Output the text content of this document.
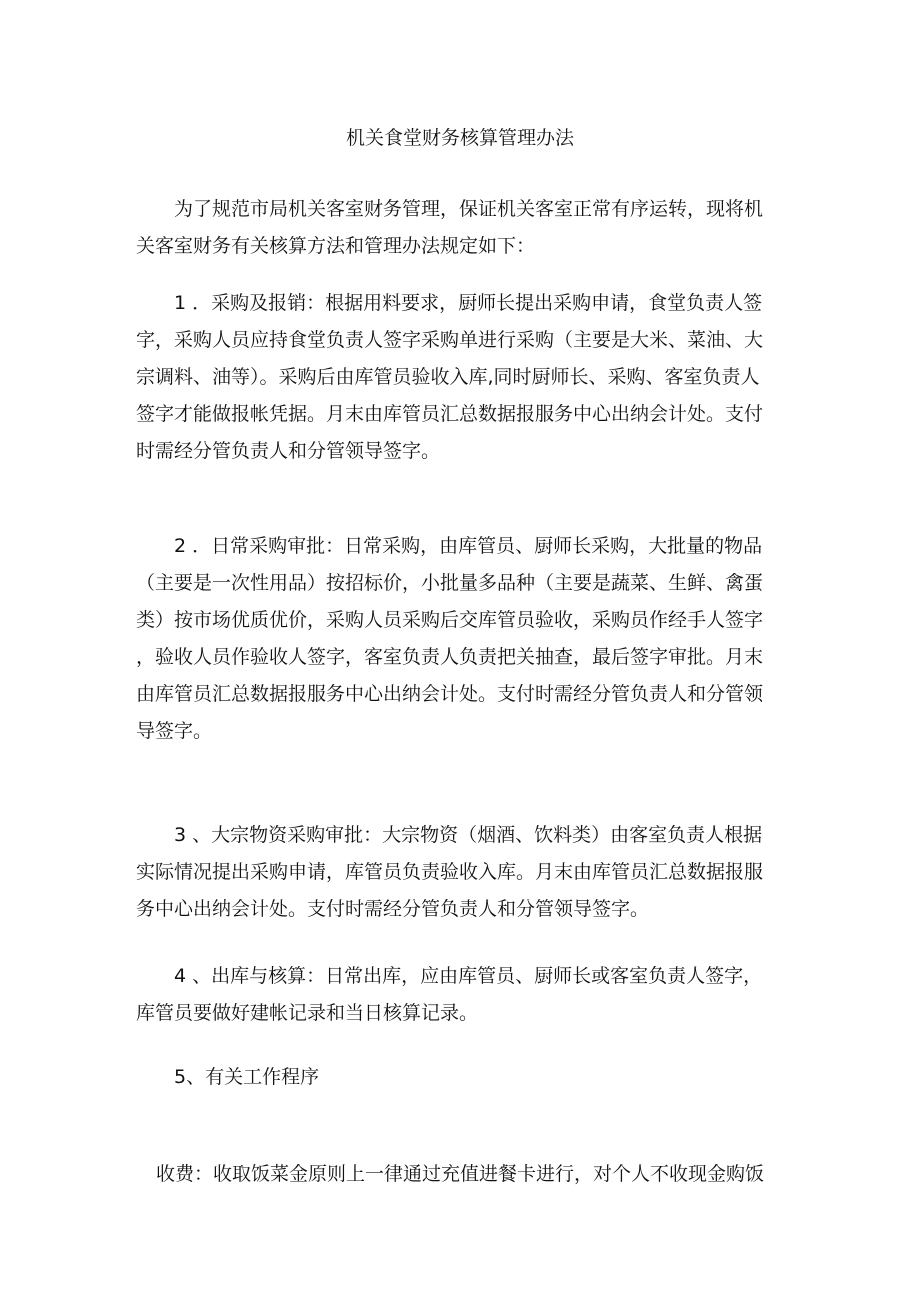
机关食堂财务核算管理办法
为了规范市局机关客室财务管理，保证机关客室正常有序运转，现将机
关客室财务有关核算方法和管理办法规定如下：
1 ．采购及报销：根据用料要求，厨师长提出采购申请，食堂负责人签
字，采购人员应持食堂负责人签字采购单进行采购（主要是大米、菜油、大
宗调料、油等）。采购后由库管员验收入库,同时厨师长、采购、客室负责人
签字才能做报帐凭据。月末由库管员汇总数据报服务中心出纳会计处。支付
时需经分管负责人和分管领导签字。
2 ．日常采购审批：日常采购，由库管员、厨师长采购，大批量的物品
（主要是一次性用品）按招标价，小批量多品种（主要是蔬菜、生鲜、禽蛋
类）按市场优质优价，采购人员采购后交库管员验收，采购员作经手人签字
，验收人员作验收人签字，客室负责人负责把关抽查，最后签字审批。月末
由库管员汇总数据报服务中心出纳会计处。支付时需经分管负责人和分管领
导签字。
3 、大宗物资采购审批：大宗物资（烟酒、饮料类）由客室负责人根据
实际情况提出采购申请，库管员负责验收入库。月末由库管员汇总数据报服
务中心出纳会计处。支付时需经分管负责人和分管领导签字。
4 、出库与核算：日常出库，应由库管员、厨师长或客室负责人签字，
库管员要做好建帐记录和当日核算记录。
5、有关工作程序
收费：收取饭菜金原则上一律通过充值进餐卡进行，对个人不收现金购饭
